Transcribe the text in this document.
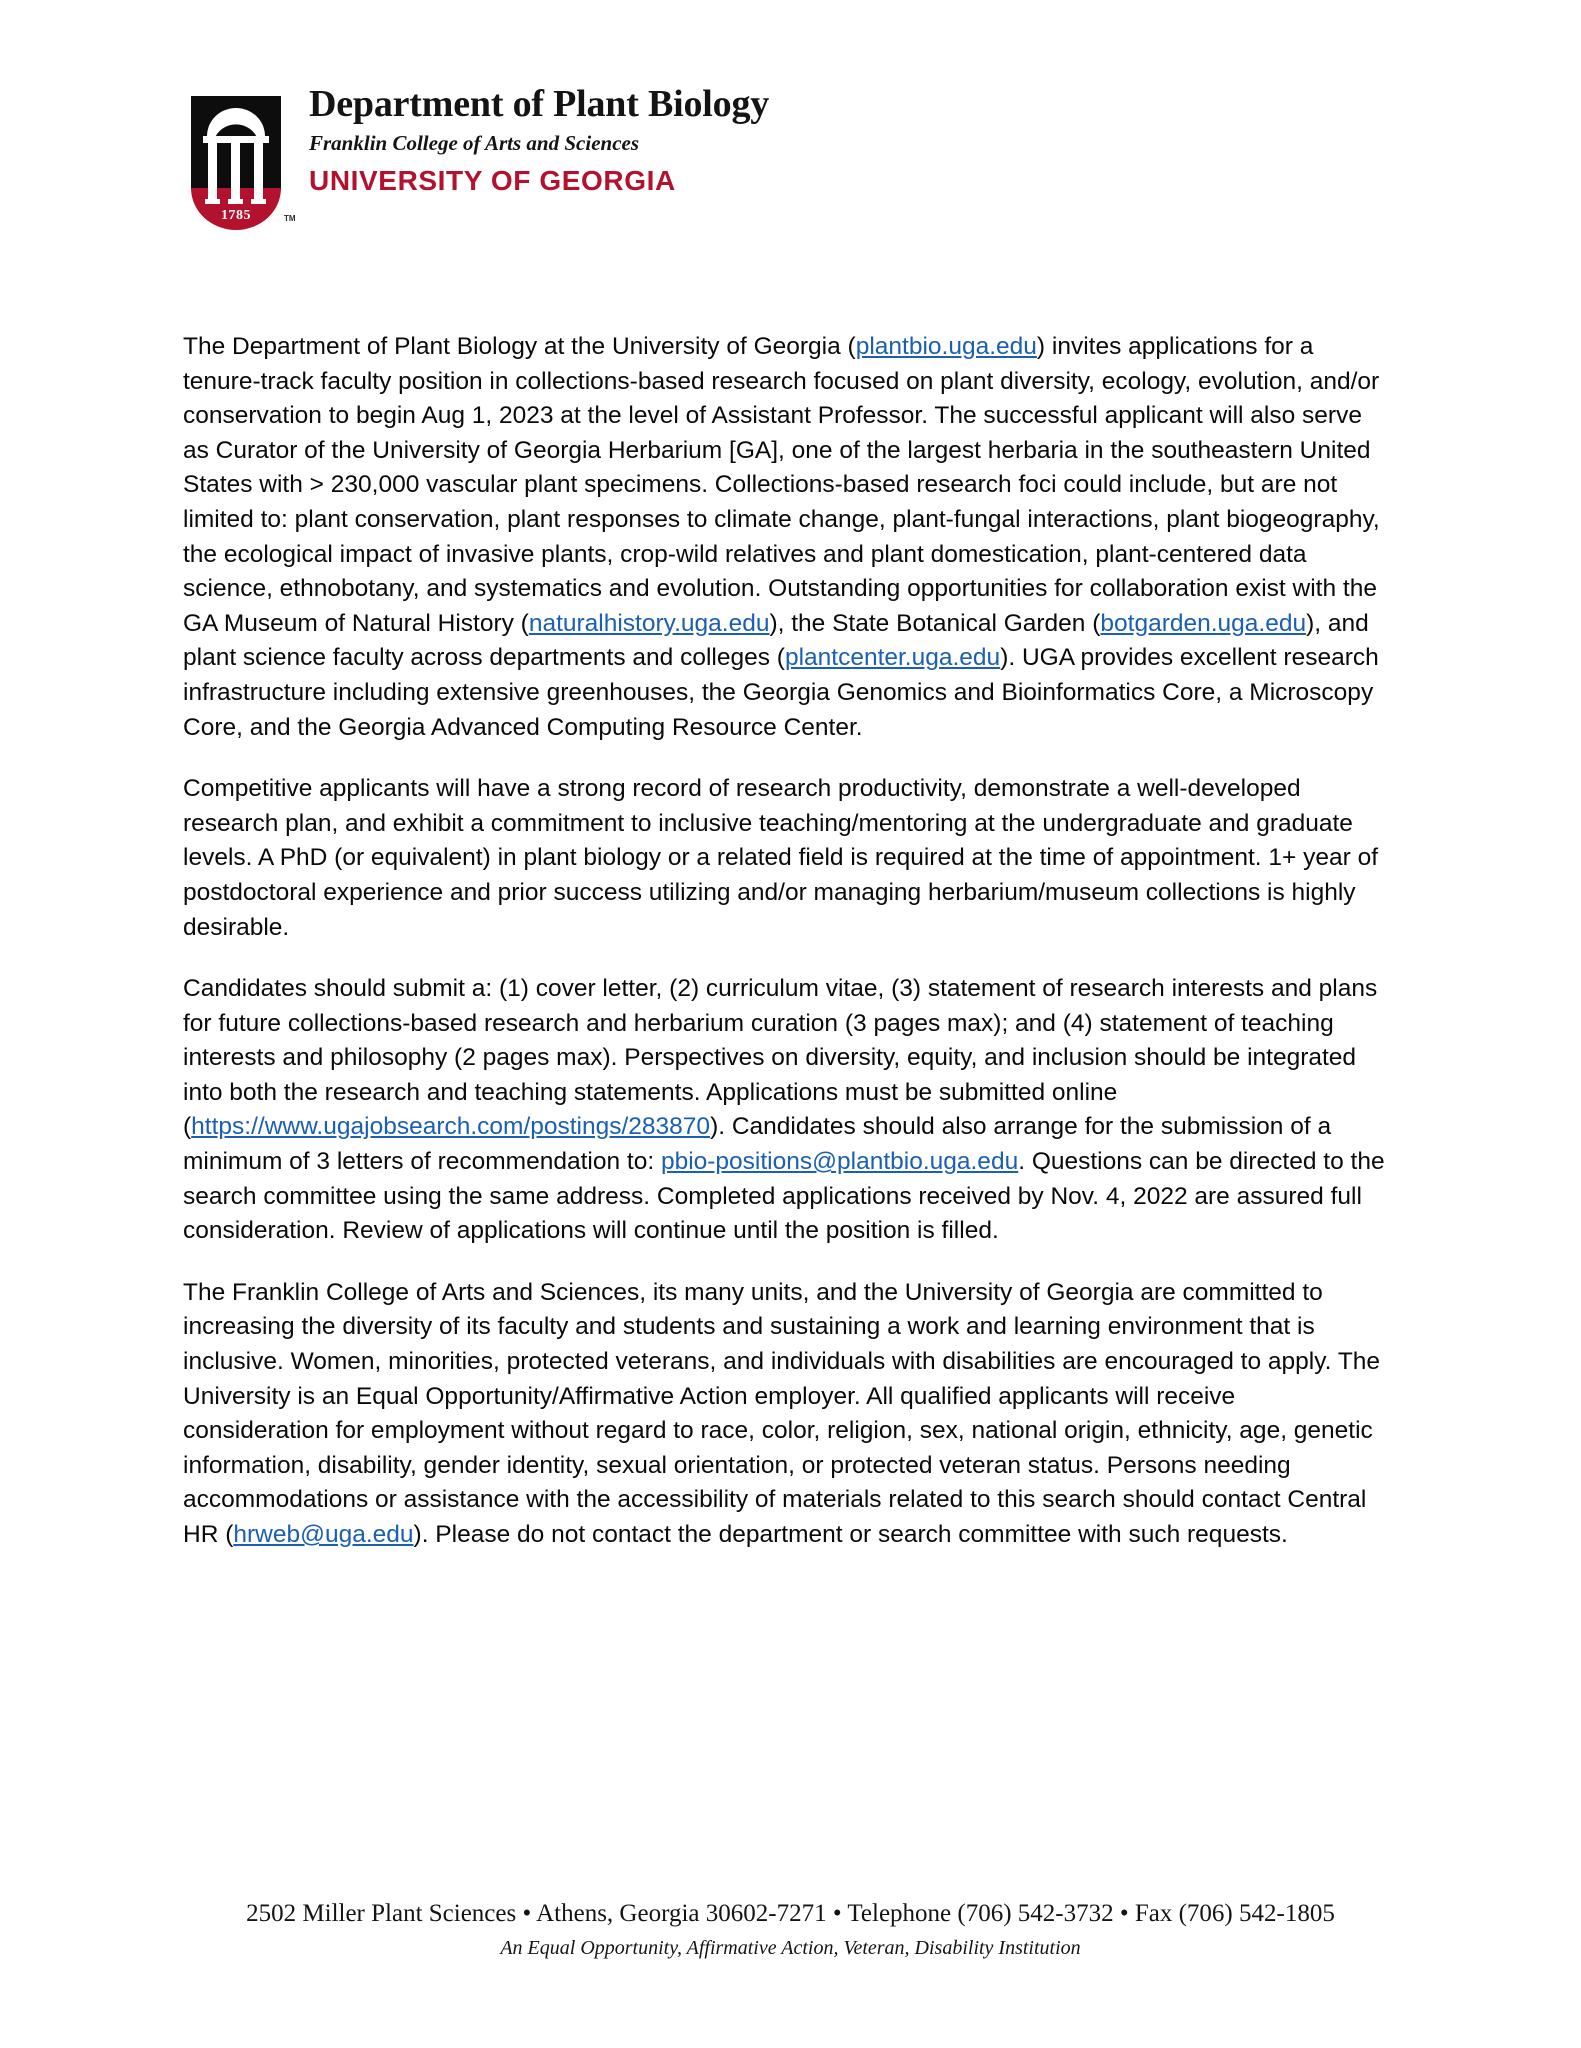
1785	TM
Department of Plant Biology
Franklin College of Arts and Sciences
UNIVERSITY OF GEORGIA

The Department of Plant Biology at the University of Georgia (plantbio.uga.edu) invites applications for a tenure-track faculty position in collections-based research focused on plant diversity, ecology, evolution, and/or conservation to begin Aug 1, 2023 at the level of Assistant Professor. The successful applicant will also serve as Curator of the University of Georgia Herbarium [GA], one of the largest herbaria in the southeastern United States with > 230,000 vascular plant specimens. Collections-based research foci could include, but are not limited to: plant conservation, plant responses to climate change, plant-fungal interactions, plant biogeography, the ecological impact of invasive plants, crop-wild relatives and plant domestication, plant-centered data science, ethnobotany, and systematics and evolution. Outstanding opportunities for collaboration exist with the GA Museum of Natural History (naturalhistory.uga.edu), the State Botanical Garden (botgarden.uga.edu), and plant science faculty across departments and colleges (plantcenter.uga.edu). UGA provides excellent research infrastructure including extensive greenhouses, the Georgia Genomics and Bioinformatics Core, a Microscopy Core, and the Georgia Advanced Computing Resource Center.

Competitive applicants will have a strong record of research productivity, demonstrate a well-developed research plan, and exhibit a commitment to inclusive teaching/mentoring at the undergraduate and graduate levels. A PhD (or equivalent) in plant biology or a related field is required at the time of appointment. 1+ year of postdoctoral experience and prior success utilizing and/or managing herbarium/museum collections is highly desirable.

Candidates should submit a: (1) cover letter, (2) curriculum vitae, (3) statement of research interests and plans for future collections-based research and herbarium curation (3 pages max); and (4) statement of teaching interests and philosophy (2 pages max). Perspectives on diversity, equity, and inclusion should be integrated into both the research and teaching statements. Applications must be submitted online (https://www.ugajobsearch.com/postings/283870). Candidates should also arrange for the submission of a minimum of 3 letters of recommendation to: pbio-positions@plantbio.uga.edu. Questions can be directed to the search committee using the same address. Completed applications received by Nov. 4, 2022 are assured full consideration. Review of applications will continue until the position is filled.

The Franklin College of Arts and Sciences, its many units, and the University of Georgia are committed to increasing the diversity of its faculty and students and sustaining a work and learning environment that is inclusive. Women, minorities, protected veterans, and individuals with disabilities are encouraged to apply. The University is an Equal Opportunity/Affirmative Action employer. All qualified applicants will receive consideration for employment without regard to race, color, religion, sex, national origin, ethnicity, age, genetic information, disability, gender identity, sexual orientation, or protected veteran status. Persons needing accommodations or assistance with the accessibility of materials related to this search should contact Central HR (hrweb@uga.edu). Please do not contact the department or search committee with such requests.

2502 Miller Plant Sciences • Athens, Georgia 30602-7271 • Telephone (706) 542-3732 • Fax (706) 542-1805
An Equal Opportunity, Affirmative Action, Veteran, Disability Institution
